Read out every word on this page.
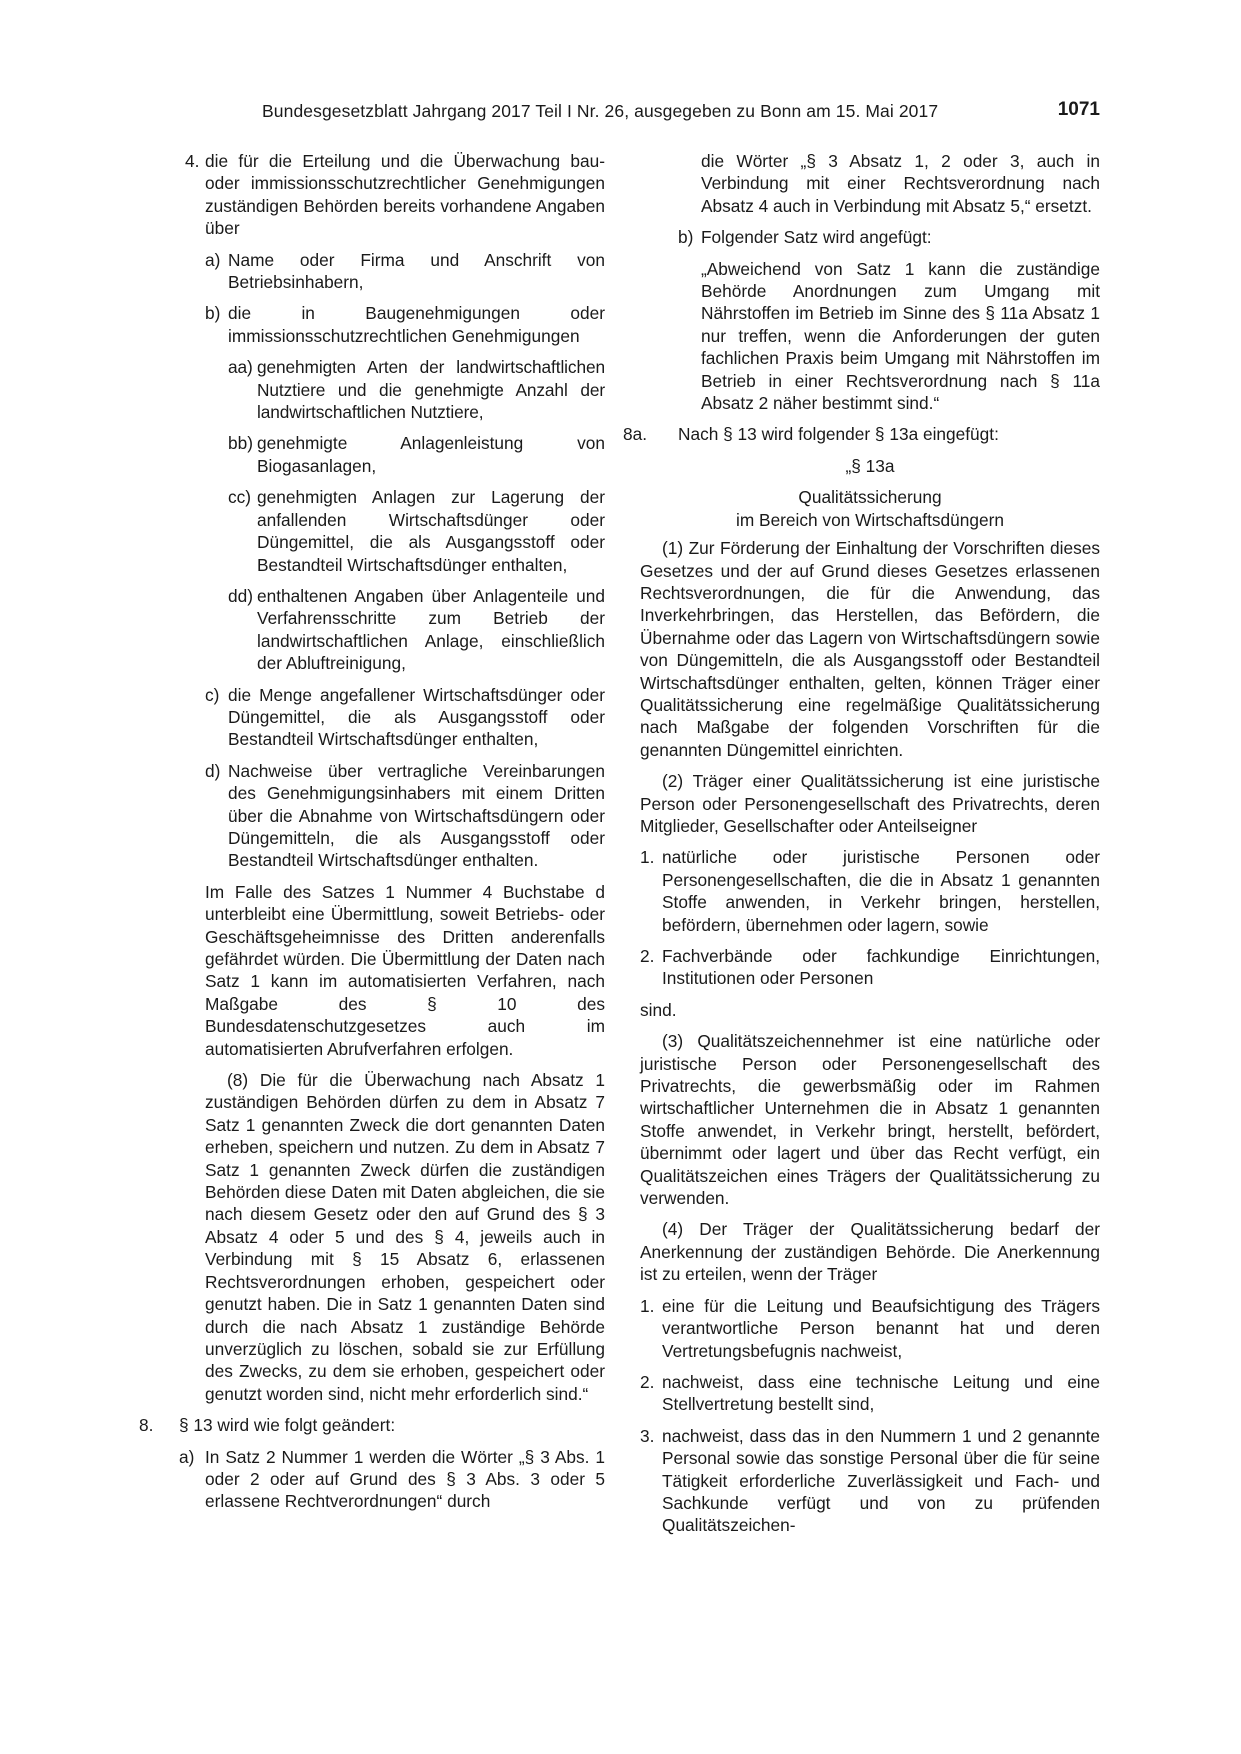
Bundesgesetzblatt Jahrgang 2017 Teil I Nr. 26, ausgegeben zu Bonn am 15. Mai 2017	1071
4. die für die Erteilung und die Überwachung bau- oder immissionsschutzrechtlicher Genehmigungen zuständigen Behörden bereits vorhandene Angaben über
a) Name oder Firma und Anschrift von Betriebsinhabern,
b) die in Baugenehmigungen oder immissionsschutzrechtlichen Genehmigungen
aa) genehmigten Arten der landwirtschaftlichen Nutztiere und die genehmigte Anzahl der landwirtschaftlichen Nutztiere,
bb) genehmigte Anlagenleistung von Biogasanlagen,
cc) genehmigten Anlagen zur Lagerung der anfallenden Wirtschaftsdünger oder Düngemittel, die als Ausgangsstoff oder Bestandteil Wirtschaftsdünger enthalten,
dd) enthaltenen Angaben über Anlagenteile und Verfahrensschritte zum Betrieb der landwirtschaftlichen Anlage, einschließlich der Abluftreinigung,
c) die Menge angefallener Wirtschaftsdünger oder Düngemittel, die als Ausgangsstoff oder Bestandteil Wirtschaftsdünger enthalten,
d) Nachweise über vertragliche Vereinbarungen des Genehmigungsinhabers mit einem Dritten über die Abnahme von Wirtschaftsdüngern oder Düngemitteln, die als Ausgangsstoff oder Bestandteil Wirtschaftsdünger enthalten.

Im Falle des Satzes 1 Nummer 4 Buchstabe d unterbleibt eine Übermittlung, soweit Betriebs- oder Geschäftsgeheimnisse des Dritten anderenfalls gefährdet würden. Die Übermittlung der Daten nach Satz 1 kann im automatisierten Verfahren, nach Maßgabe des § 10 des Bundesdatenschutzgesetzes auch im automatisierten Abrufverfahren erfolgen.

(8) Die für die Überwachung nach Absatz 1 zuständigen Behörden dürfen zu dem in Absatz 7 Satz 1 genannten Zweck die dort genannten Daten erheben, speichern und nutzen. Zu dem in Absatz 7 Satz 1 genannten Zweck dürfen die zuständigen Behörden diese Daten mit Daten abgleichen, die sie nach diesem Gesetz oder den auf Grund des § 3 Absatz 4 oder 5 und des § 4, jeweils auch in Verbindung mit § 15 Absatz 6, erlassenen Rechtsverordnungen erhoben, gespeichert oder genutzt haben. Die in Satz 1 genannten Daten sind durch die nach Absatz 1 zuständige Behörde unverzüglich zu löschen, sobald sie zur Erfüllung des Zwecks, zu dem sie erhoben, gespeichert oder genutzt worden sind, nicht mehr erforderlich sind.“

8. § 13 wird wie folgt geändert:
a) In Satz 2 Nummer 1 werden die Wörter „§ 3 Abs. 1 oder 2 oder auf Grund des § 3 Abs. 3 oder 5 erlassene Rechtverordnungen“ durch

die Wörter „§ 3 Absatz 1, 2 oder 3, auch in Verbindung mit einer Rechtsverordnung nach Absatz 4 auch in Verbindung mit Absatz 5,“ ersetzt.

b) Folgender Satz wird angefügt:

„Abweichend von Satz 1 kann die zuständige Behörde Anordnungen zum Umgang mit Nährstoffen im Betrieb im Sinne des § 11a Absatz 1 nur treffen, wenn die Anforderungen der guten fachlichen Praxis beim Umgang mit Nährstoffen im Betrieb in einer Rechtsverordnung nach § 11a Absatz 2 näher bestimmt sind.“

8a. Nach § 13 wird folgender § 13a eingefügt:

„§ 13a

Qualitätssicherung

im Bereich von Wirtschaftsdüngern

(1) Zur Förderung der Einhaltung der Vorschriften dieses Gesetzes und der auf Grund dieses Gesetzes erlassenen Rechtsverordnungen, die für die Anwendung, das Inverkehrbringen, das Herstellen, das Befördern, die Übernahme oder das Lagern von Wirtschaftsdüngern sowie von Düngemitteln, die als Ausgangsstoff oder Bestandteil Wirtschaftsdünger enthalten, gelten, können Träger einer Qualitätssicherung eine regelmäßige Qualitätssicherung nach Maßgabe der folgenden Vorschriften für die genannten Düngemittel einrichten.

(2) Träger einer Qualitätssicherung ist eine juristische Person oder Personengesellschaft des Privatrechts, deren Mitglieder, Gesellschafter oder Anteilseigner

1. natürliche oder juristische Personen oder Personengesellschaften, die die in Absatz 1 genannten Stoffe anwenden, in Verkehr bringen, herstellen, befördern, übernehmen oder lagern, sowie
2. Fachverbände oder fachkundige Einrichtungen, Institutionen oder Personen

sind.

(3) Qualitätszeichennehmer ist eine natürliche oder juristische Person oder Personengesellschaft des Privatrechts, die gewerbsmäßig oder im Rahmen wirtschaftlicher Unternehmen die in Absatz 1 genannten Stoffe anwendet, in Verkehr bringt, herstellt, befördert, übernimmt oder lagert und über das Recht verfügt, ein Qualitätszeichen eines Trägers der Qualitätssicherung zu verwenden.

(4) Der Träger der Qualitätssicherung bedarf der Anerkennung der zuständigen Behörde. Die Anerkennung ist zu erteilen, wenn der Träger

1. eine für die Leitung und Beaufsichtigung des Trägers verantwortliche Person benannt hat und deren Vertretungsbefugnis nachweist,
2. nachweist, dass eine technische Leitung und eine Stellvertretung bestellt sind,
3. nachweist, dass das in den Nummern 1 und 2 genannte Personal sowie das sonstige Personal über die für seine Tätigkeit erforderliche Zuverlässigkeit und Fach- und Sachkunde verfügt und von zu prüfenden Qualitätszeichen-
